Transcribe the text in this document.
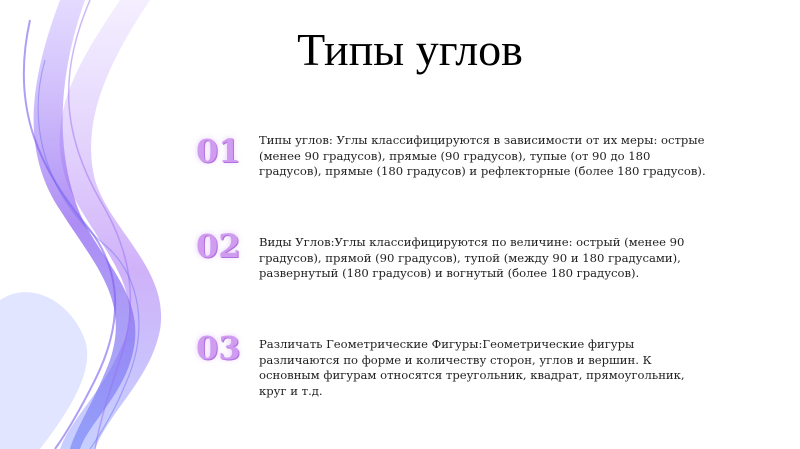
Типы углов
01	Типы углов: Углы классифицируются в зависимости от их меры: острые (менее 90 градусов), прямые (90 градусов), тупые (от 90 до 180 градусов), прямые (180 градусов) и рефлекторные (более 180 градусов).
02	Виды Углов:Углы классифицируются по величине: острый (менее 90 градусов), прямой (90 градусов), тупой (между 90 и 180 градусами), развернутый (180 градусов) и вогнутый (более 180 градусов).
03	Различать Геометрические Фигуры:Геометрические фигуры различаются по форме и количеству сторон, углов и вершин. К основным фигурам относятся треугольник, квадрат, прямоугольник, круг и т.д.
